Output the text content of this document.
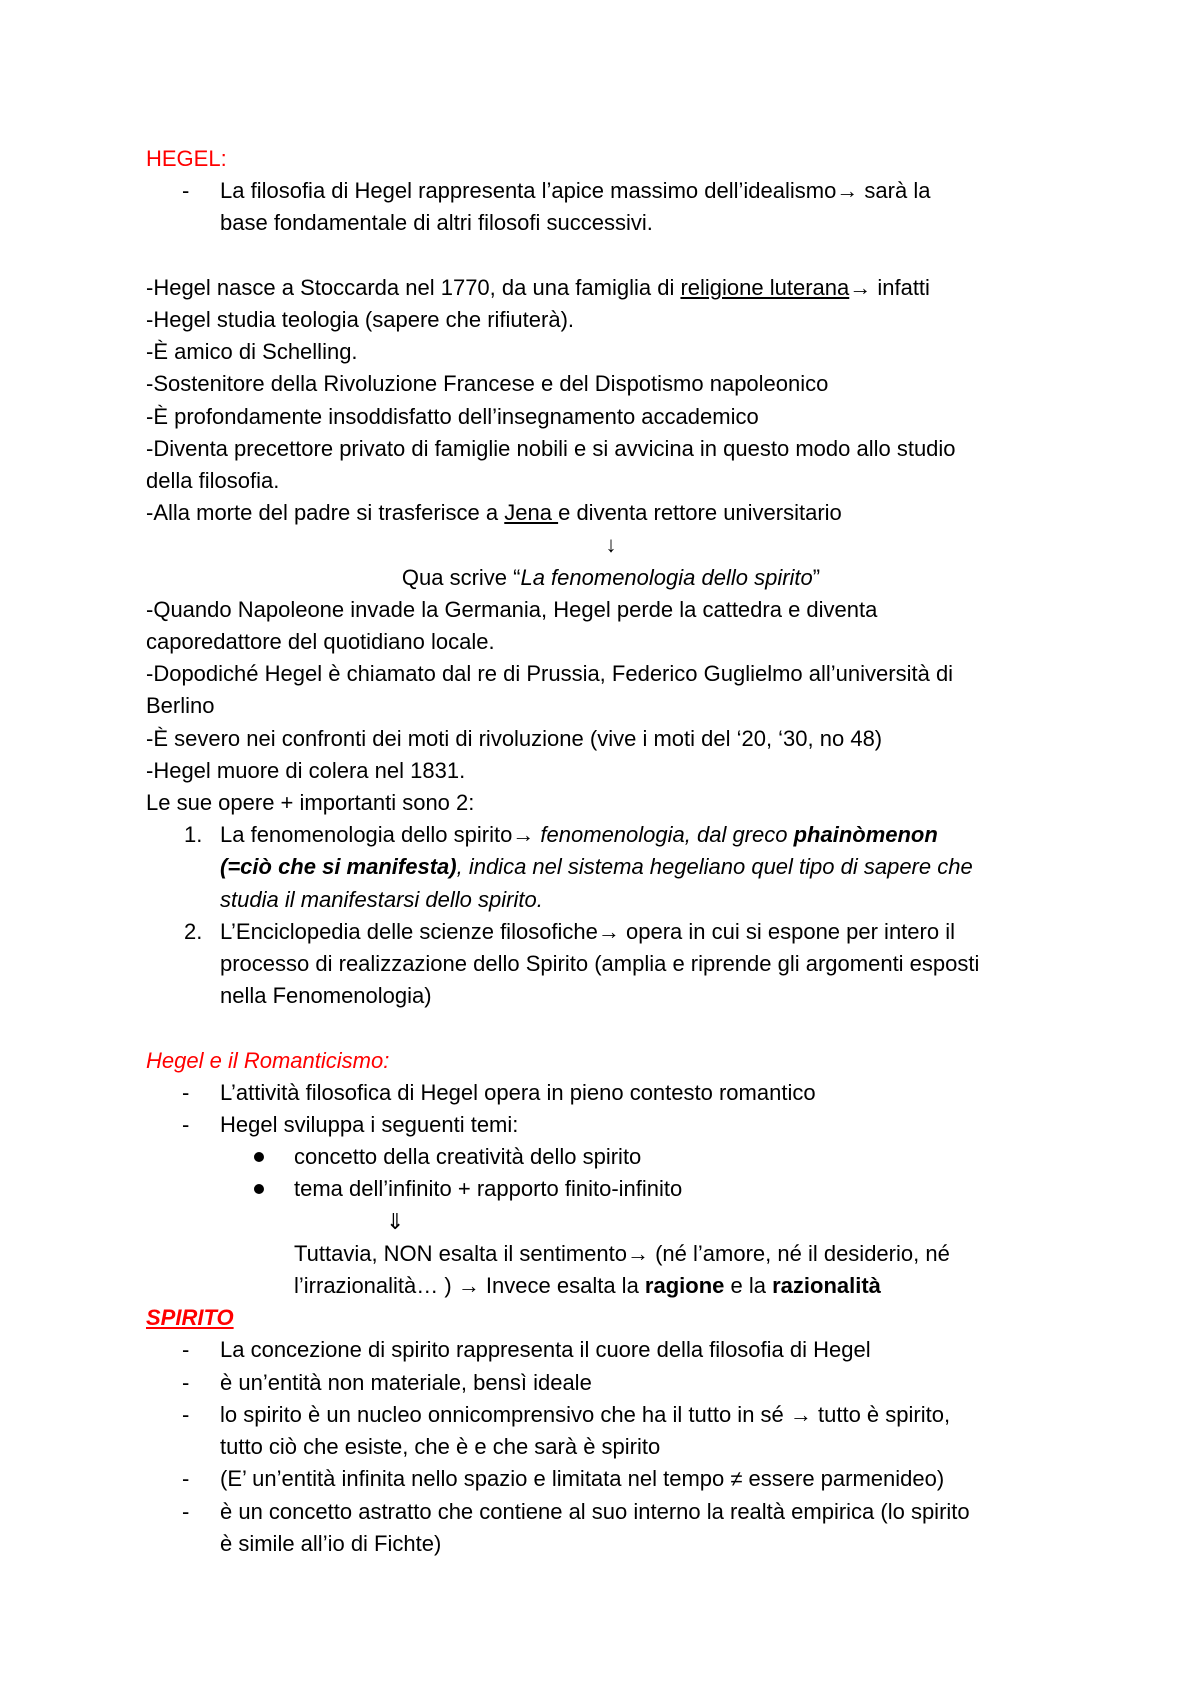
HEGEL:

- La filosofia di Hegel rappresenta l’apice massimo dell’idealismo→ sarà la

base fondamentale di altri filosofi successivi.

-Hegel nasce a Stoccarda nel 1770, da una famiglia di religione luterana→ infatti

-Hegel studia teologia (sapere che rifiuterà).

-È amico di Schelling.

-Sostenitore della Rivoluzione Francese e del Dispotismo napoleonico

-È profondamente insoddisfatto dell’insegnamento accademico

-Diventa precettore privato di famiglie nobili e si avvicina in questo modo allo studio

della filosofia.

-Alla morte del padre si trasferisce a Jena e diventa rettore universitario

↓

Qua scrive “La fenomenologia dello spirito”

-Quando Napoleone invade la Germania, Hegel perde la cattedra e diventa

caporedattore del quotidiano locale.

-Dopodiché Hegel è chiamato dal re di Prussia, Federico Guglielmo all’università di

Berlino

-È severo nei confronti dei moti di rivoluzione (vive i moti del ‘20, ‘30, no 48)

-Hegel muore di colera nel 1831.

Le sue opere + importanti sono 2:

1. La fenomenologia dello spirito→ fenomenologia, dal greco phainòmenon

(=ciò che si manifesta), indica nel sistema hegeliano quel tipo di sapere che

studia il manifestarsi dello spirito.

2. L’Enciclopedia delle scienze filosofiche→ opera in cui si espone per intero il

processo di realizzazione dello Spirito (amplia e riprende gli argomenti esposti

nella Fenomenologia)

Hegel e il Romanticismo:

- L’attività filosofica di Hegel opera in pieno contesto romantico

- Hegel sviluppa i seguenti temi:

concetto della creatività dello spirito

tema dell’infinito + rapporto finito-infinito

⇓

Tuttavia, NON esalta il sentimento→ (né l’amore, né il desiderio, né

l’irrazionalità… ) → Invece esalta la ragione e la razionalità

SPIRITO

- La concezione di spirito rappresenta il cuore della filosofia di Hegel

- è un’entità non materiale, bensì ideale

- lo spirito è un nucleo onnicomprensivo che ha il tutto in sé → tutto è spirito,

tutto ciò che esiste, che è e che sarà è spirito

- (E’ un’entità infinita nello spazio e limitata nel tempo ≠ essere parmenideo)

- è un concetto astratto che contiene al suo interno la realtà empirica (lo spirito

è simile all’io di Fichte)
